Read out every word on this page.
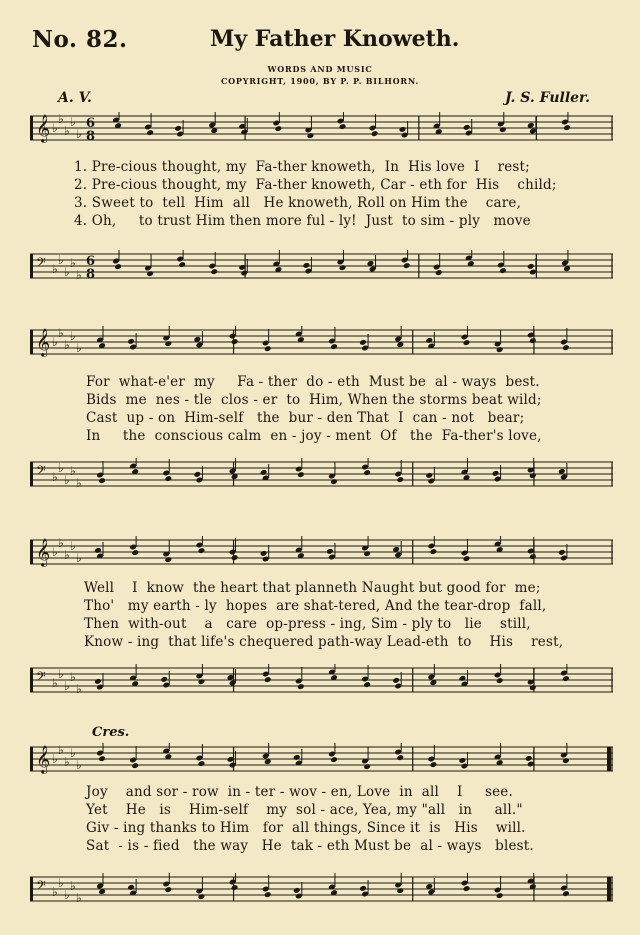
No. 82.	My Father Knoweth.
WORDS AND MUSIC
COPYRIGHT, 1900, BY P. P. BILHORN.
A. V.	J. S. Fuller.
Cres.
𝄞 ♭
♭
♭
♭
♭
6
8
𝄢 ♭
♭
♭
♭
♭
6
8
1. Pre-cious thought, my  Fa-ther knoweth,  In  His love  I    rest;
2. Pre-cious thought, my  Fa-ther knoweth, Car - eth for  His    child;
3. Sweet to  tell  Him  all   He knoweth, Roll on Him the    care,
4. Oh,     to trust Him then more ful - ly!  Just  to sim - ply   move
𝄞 ♭
♭
♭
♭
♭
𝄢 ♭
♭
♭
♭
♭
For  what-e'er  my     Fa - ther  do - eth  Must be  al - ways  best.
Bids  me  nes - tle  clos - er  to  Him, When the storms beat wild;
Cast  up - on  Him-self   the  bur - den That  I  can - not   bear;
In     the  conscious calm  en - joy - ment  Of   the  Fa-ther's love,
𝄞 ♭
♭
♭
♭
♭
𝄢 ♭
♭
♭
♭
♭
Well    I  know  the heart that planneth Naught but good for  me;
Tho'   my earth - ly  hopes  are shat-tered, And the tear-drop  fall,
Then  with-out    a   care  op-press - ing, Sim - ply to   lie    still,
Know - ing  that life's chequered path-way Lead-eth  to    His    rest,
𝄞 ♭
♭
♭
♭
♭
𝄢 ♭
♭
♭
♭
♭
Joy    and sor - row  in - ter - wov - en, Love  in  all    I     see.
Yet    He   is    Him-self    my  sol - ace, Yea, my "all   in     all."
Giv - ing thanks to Him   for  all things, Since it  is   His    will.
Sat  - is - fied   the way   He  tak - eth Must be  al - ways   blest.
